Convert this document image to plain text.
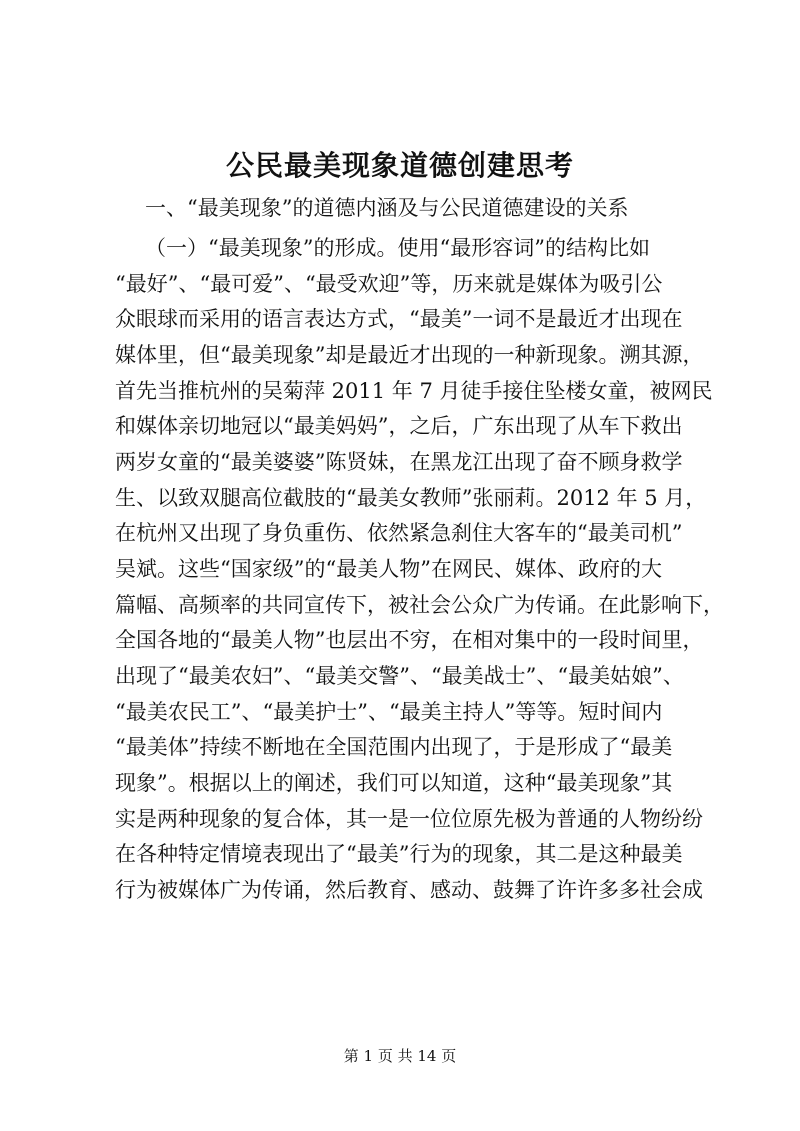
公民最美现象道德创建思考
一、“最美现象”的道德内涵及与公民道德建设的关系
（一）“最美现象”的形成。使用“最形容词”的结构比如
“最好”、“最可爱”、“最受欢迎”等，历来就是媒体为吸引公
众眼球而采用的语言表达方式，“最美”一词不是最近才出现在
媒体里，但“最美现象”却是最近才出现的一种新现象。溯其源，
首先当推杭州的吴菊萍 2011 年 7 月徒手接住坠楼女童，被网民
和媒体亲切地冠以“最美妈妈”，之后，广东出现了从车下救出
两岁女童的“最美婆婆”陈贤妹，在黑龙江出现了奋不顾身救学
生、以致双腿高位截肢的“最美女教师”张丽莉。2012 年 5 月，
在杭州又出现了身负重伤、依然紧急刹住大客车的“最美司机”
吴斌。这些“国家级”的“最美人物”在网民、媒体、政府的大
篇幅、高频率的共同宣传下，被社会公众广为传诵。在此影响下，
全国各地的“最美人物”也层出不穷，在相对集中的一段时间里，
出现了“最美农妇”、“最美交警”、“最美战士”、“最美姑娘”、
“最美农民工”、“最美护士”、“最美主持人”等等。短时间内
“最美体”持续不断地在全国范围内出现了，于是形成了“最美
现象”。根据以上的阐述，我们可以知道，这种“最美现象”其
实是两种现象的复合体，其一是一位位原先极为普通的人物纷纷
在各种特定情境表现出了“最美”行为的现象，其二是这种最美
行为被媒体广为传诵，然后教育、感动、鼓舞了许许多多社会成
第 1 页 共 14 页
